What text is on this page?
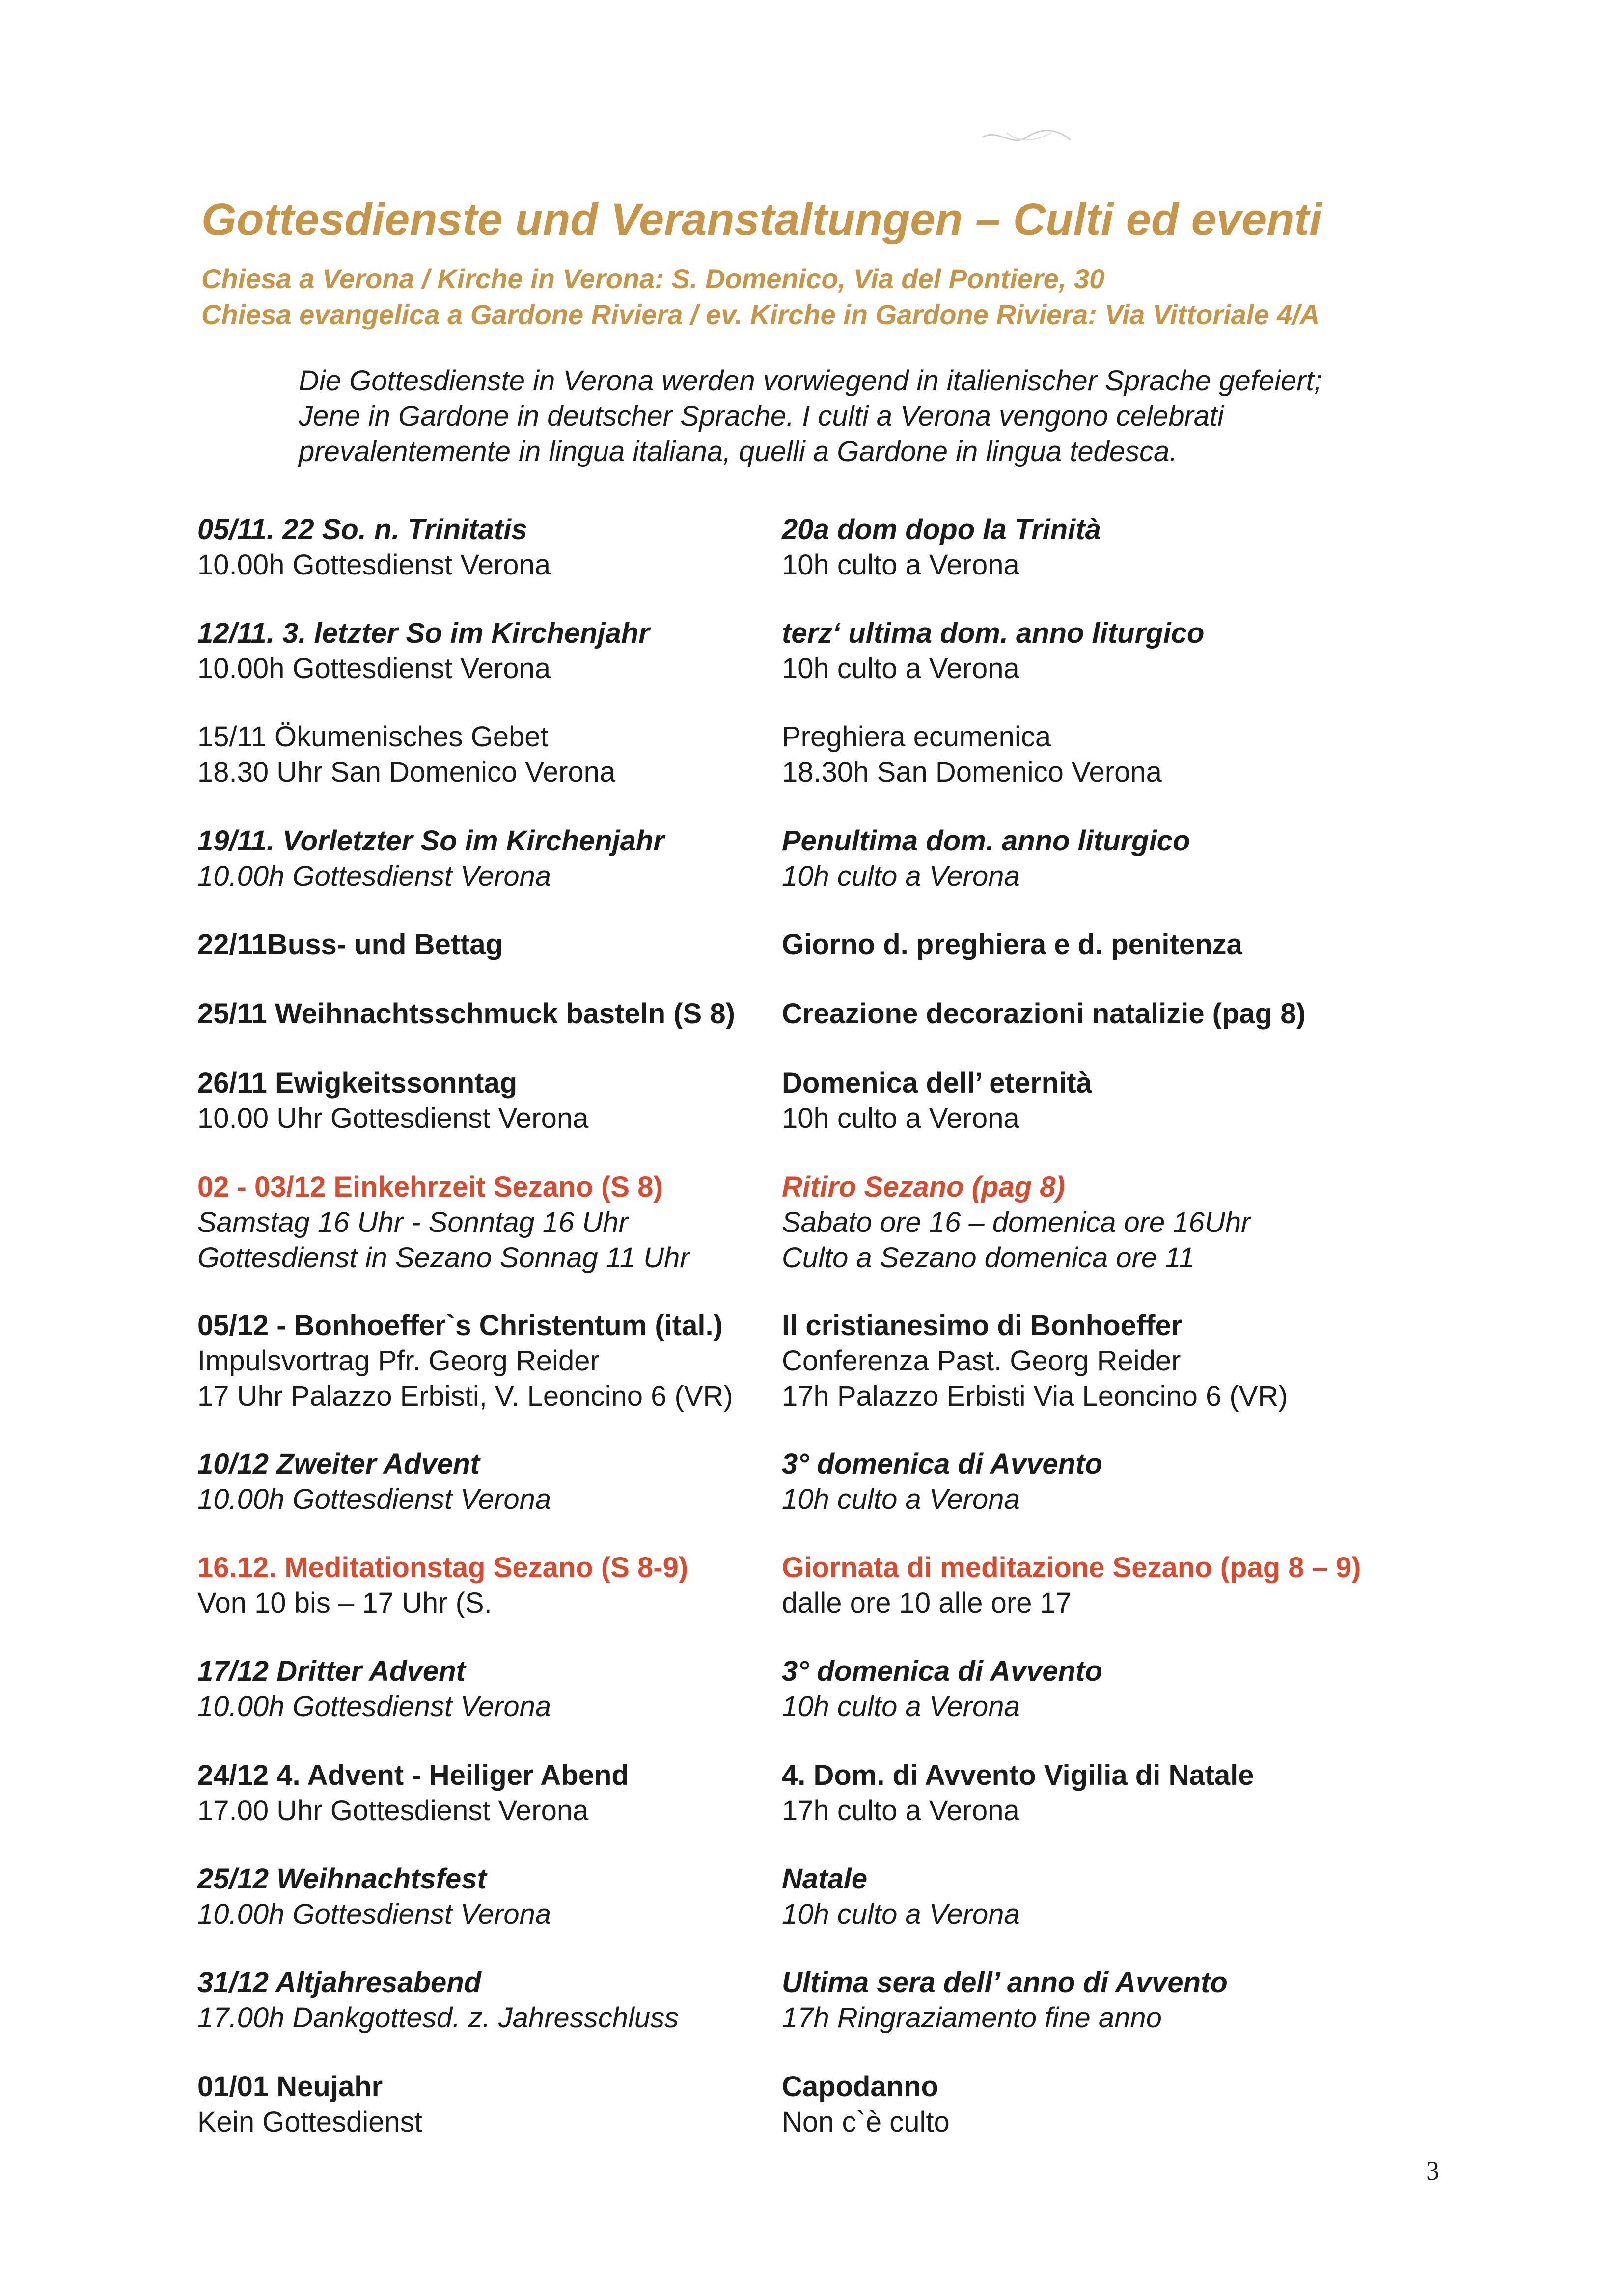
Gottesdienste und Veranstaltungen – Culti ed eventi

Chiesa a Verona / Kirche in Verona: S. Domenico, Via del Pontiere, 30

Chiesa evangelica a Gardone Riviera / ev. Kirche in Gardone Riviera: Via Vittoriale 4/A

Die Gottesdienste in Verona werden vorwiegend in italienischer Sprache gefeiert;
Jene in Gardone in deutscher Sprache. I culti a Verona vengono celebrati
prevalentemente in lingua italiana, quelli a Gardone in lingua tedesca.

05/11. 22 So. n. Trinitatis
10.00h Gottesdienst Verona
20a dom dopo la Trinità
10h culto a Verona
12/11. 3. letzter So im Kirchenjahr
10.00h Gottesdienst Verona
terz‘ ultima dom. anno liturgico
10h culto a Verona
15/11 Ökumenisches Gebet
18.30 Uhr San Domenico Verona
Preghiera ecumenica
18.30h San Domenico Verona
19/11. Vorletzter So im Kirchenjahr
10.00h Gottesdienst Verona
Penultima dom. anno liturgico
10h culto a Verona
22/11Buss- und Bettag	Giorno d. preghiera e d. penitenza
25/11 Weihnachtsschmuck basteln (S 8) Creazione decorazioni natalizie (pag 8)
26/11 Ewigkeitssonntag
10.00 Uhr Gottesdienst Verona
Domenica dell’ eternità
10h culto a Verona
02 - 03/12 Einkehrzeit Sezano (S 8)
Samstag 16 Uhr - Sonntag 16 Uhr
Gottesdienst in Sezano Sonnag 11 Uhr
Ritiro Sezano (pag 8)
Sabato ore 16 – domenica ore 16Uhr
Culto a Sezano domenica ore 11
05/12 - Bonhoeffer`s Christentum (ital.)
Impulsvortrag Pfr. Georg Reider
17 Uhr Palazzo Erbisti, V. Leoncino 6 (VR)
Il cristianesimo di Bonhoeffer
Conferenza Past. Georg Reider
17h Palazzo Erbisti Via Leoncino 6 (VR)
10/12 Zweiter Advent
10.00h Gottesdienst Verona
3° domenica di Avvento
10h culto a Verona
16.12. Meditationstag Sezano (S 8-9)
Von 10 bis – 17 Uhr (S.
Giornata di meditazione Sezano (pag 8 – 9)
dalle ore 10 alle ore 17
17/12 Dritter Advent
10.00h Gottesdienst Verona
3° domenica di Avvento
10h culto a Verona
24/12 4. Advent - Heiliger Abend
17.00 Uhr Gottesdienst Verona
4. Dom. di Avvento Vigilia di Natale
17h culto a Verona
25/12 Weihnachtsfest
10.00h Gottesdienst Verona
Natale
10h culto a Verona
31/12 Altjahresabend
17.00h Dankgottesd. z. Jahresschluss
Ultima sera dell’ anno di Avvento
17h Ringraziamento fine anno
01/01 Neujahr
Kein Gottesdienst
Capodanno
Non c`è culto
3
